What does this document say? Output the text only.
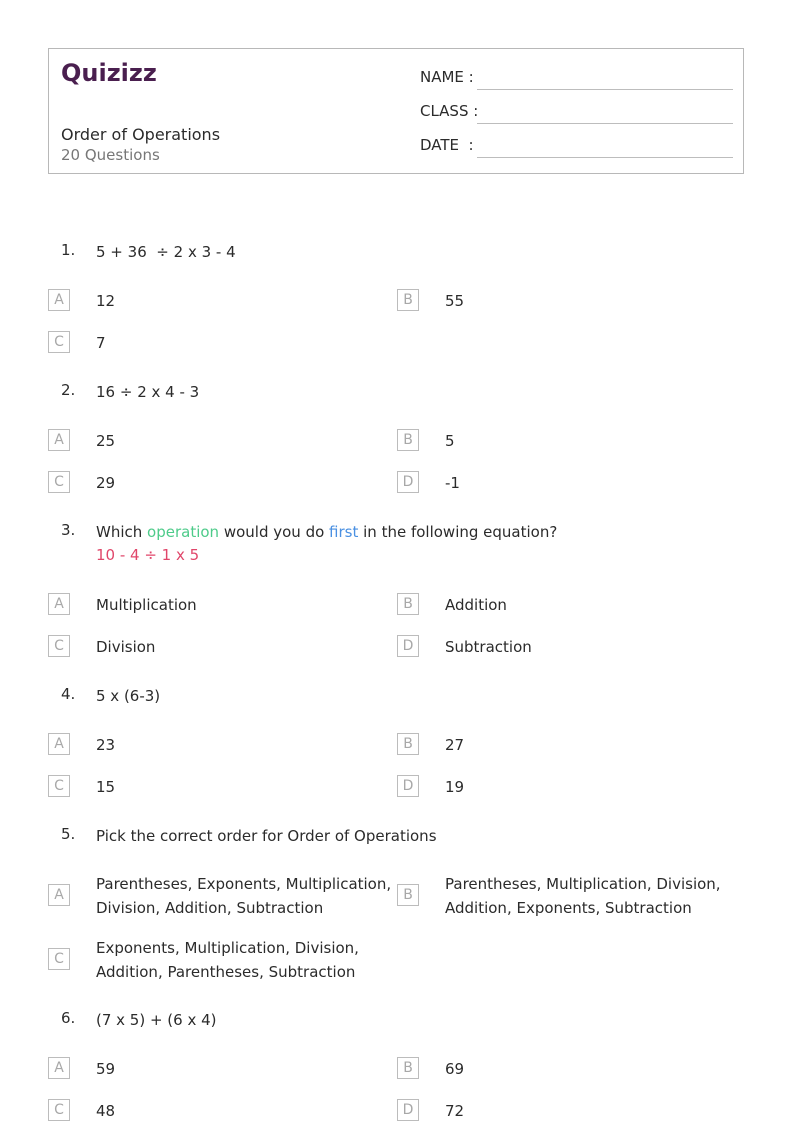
Quizizz
Order of Operations
20 Questions
NAME :
CLASS :
DATE  :
1. 5 + 36  ÷ 2 x 3 - 4
A	12	B	55
C	7
2. 16 ÷ 2 x 4 - 3
A	25	B	5
C	29	D	-1
3. Which operation would you do first in the following equation?
10 - 4 ÷ 1 x 5
A	Multiplication	B	Addition
C	Division	D	Subtraction
4. 5 x (6-3)
A	23	B	27
C	15	D	19
5. Pick the correct order for Order of Operations
A
Parentheses, Exponents, Multiplication,
Division, Addition, Subtraction
B
Parentheses, Multiplication, Division,
Addition, Exponents, Subtraction
C
Exponents, Multiplication, Division,
Addition, Parentheses, Subtraction
6. (7 x 5) + (6 x 4)
A	59	B	69
C	48	D	72
